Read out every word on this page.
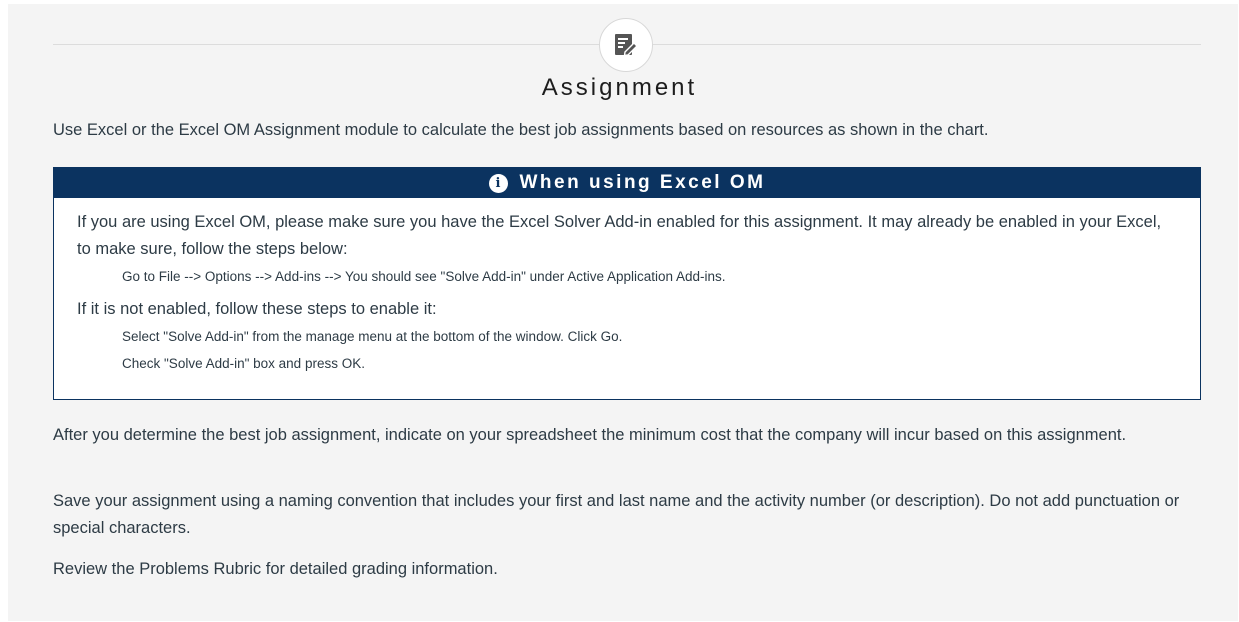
Assignment

Use Excel or the Excel OM Assignment module to calculate the best job assignments based on resources as shown in the chart.

i	When using Excel OM

If you are using Excel OM, please make sure you have the Excel Solver Add-in enabled for this assignment. It may already be enabled in your Excel, to make sure, follow the steps below:

Go to File --> Options --> Add-ins --> You should see "Solve Add-in" under Active Application Add-ins.

If it is not enabled, follow these steps to enable it:

Select "Solve Add-in" from the manage menu at the bottom of the window. Click Go.

Check "Solve Add-in" box and press OK.

After you determine the best job assignment, indicate on your spreadsheet the minimum cost that the company will incur based on this assignment.

Save your assignment using a naming convention that includes your first and last name and the activity number (or description). Do not add punctuation or special characters.

Review the Problems Rubric for detailed grading information.
